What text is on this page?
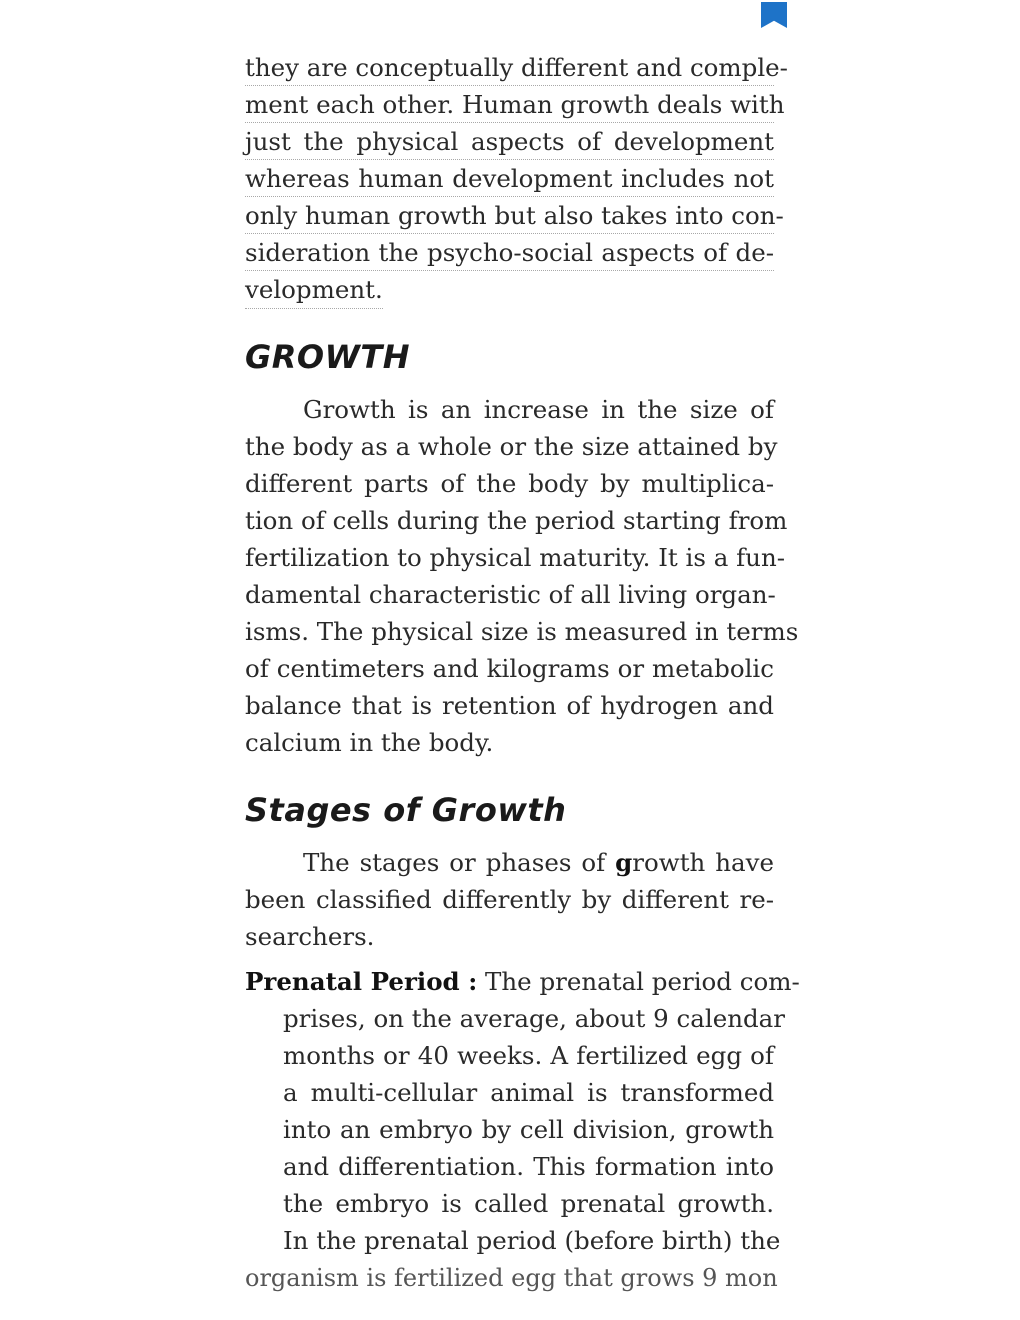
they are conceptually different and comple-
ment each other. Human growth deals with
just the physical aspects of development
whereas human development includes not
only human growth but also takes into con-
sideration the psycho-social aspects of de-
velopment.
GROWTH
Growth is an increase in the size of
the body as a whole or the size attained by
different parts of the body by multiplica-
tion of cells during the period starting from
fertilization to physical maturity. It is a fun-
damental characteristic of all living organ-
isms. The physical size is measured in terms
of centimeters and kilograms or metabolic
balance that is retention of hydrogen and
calcium in the body.
Stages of Growth
The stages or phases of growth have
been classified differently by different re-
searchers.
Prenatal Period : The prenatal period com-
prises, on the average, about 9 calendar
months or 40 weeks. A fertilized egg of
a multi-cellular animal is transformed
into an embryo by cell division, growth
and differentiation. This formation into
the embryo is called prenatal growth.
In the prenatal period (before birth) the
organism is fertilized egg that grows 9 mon
